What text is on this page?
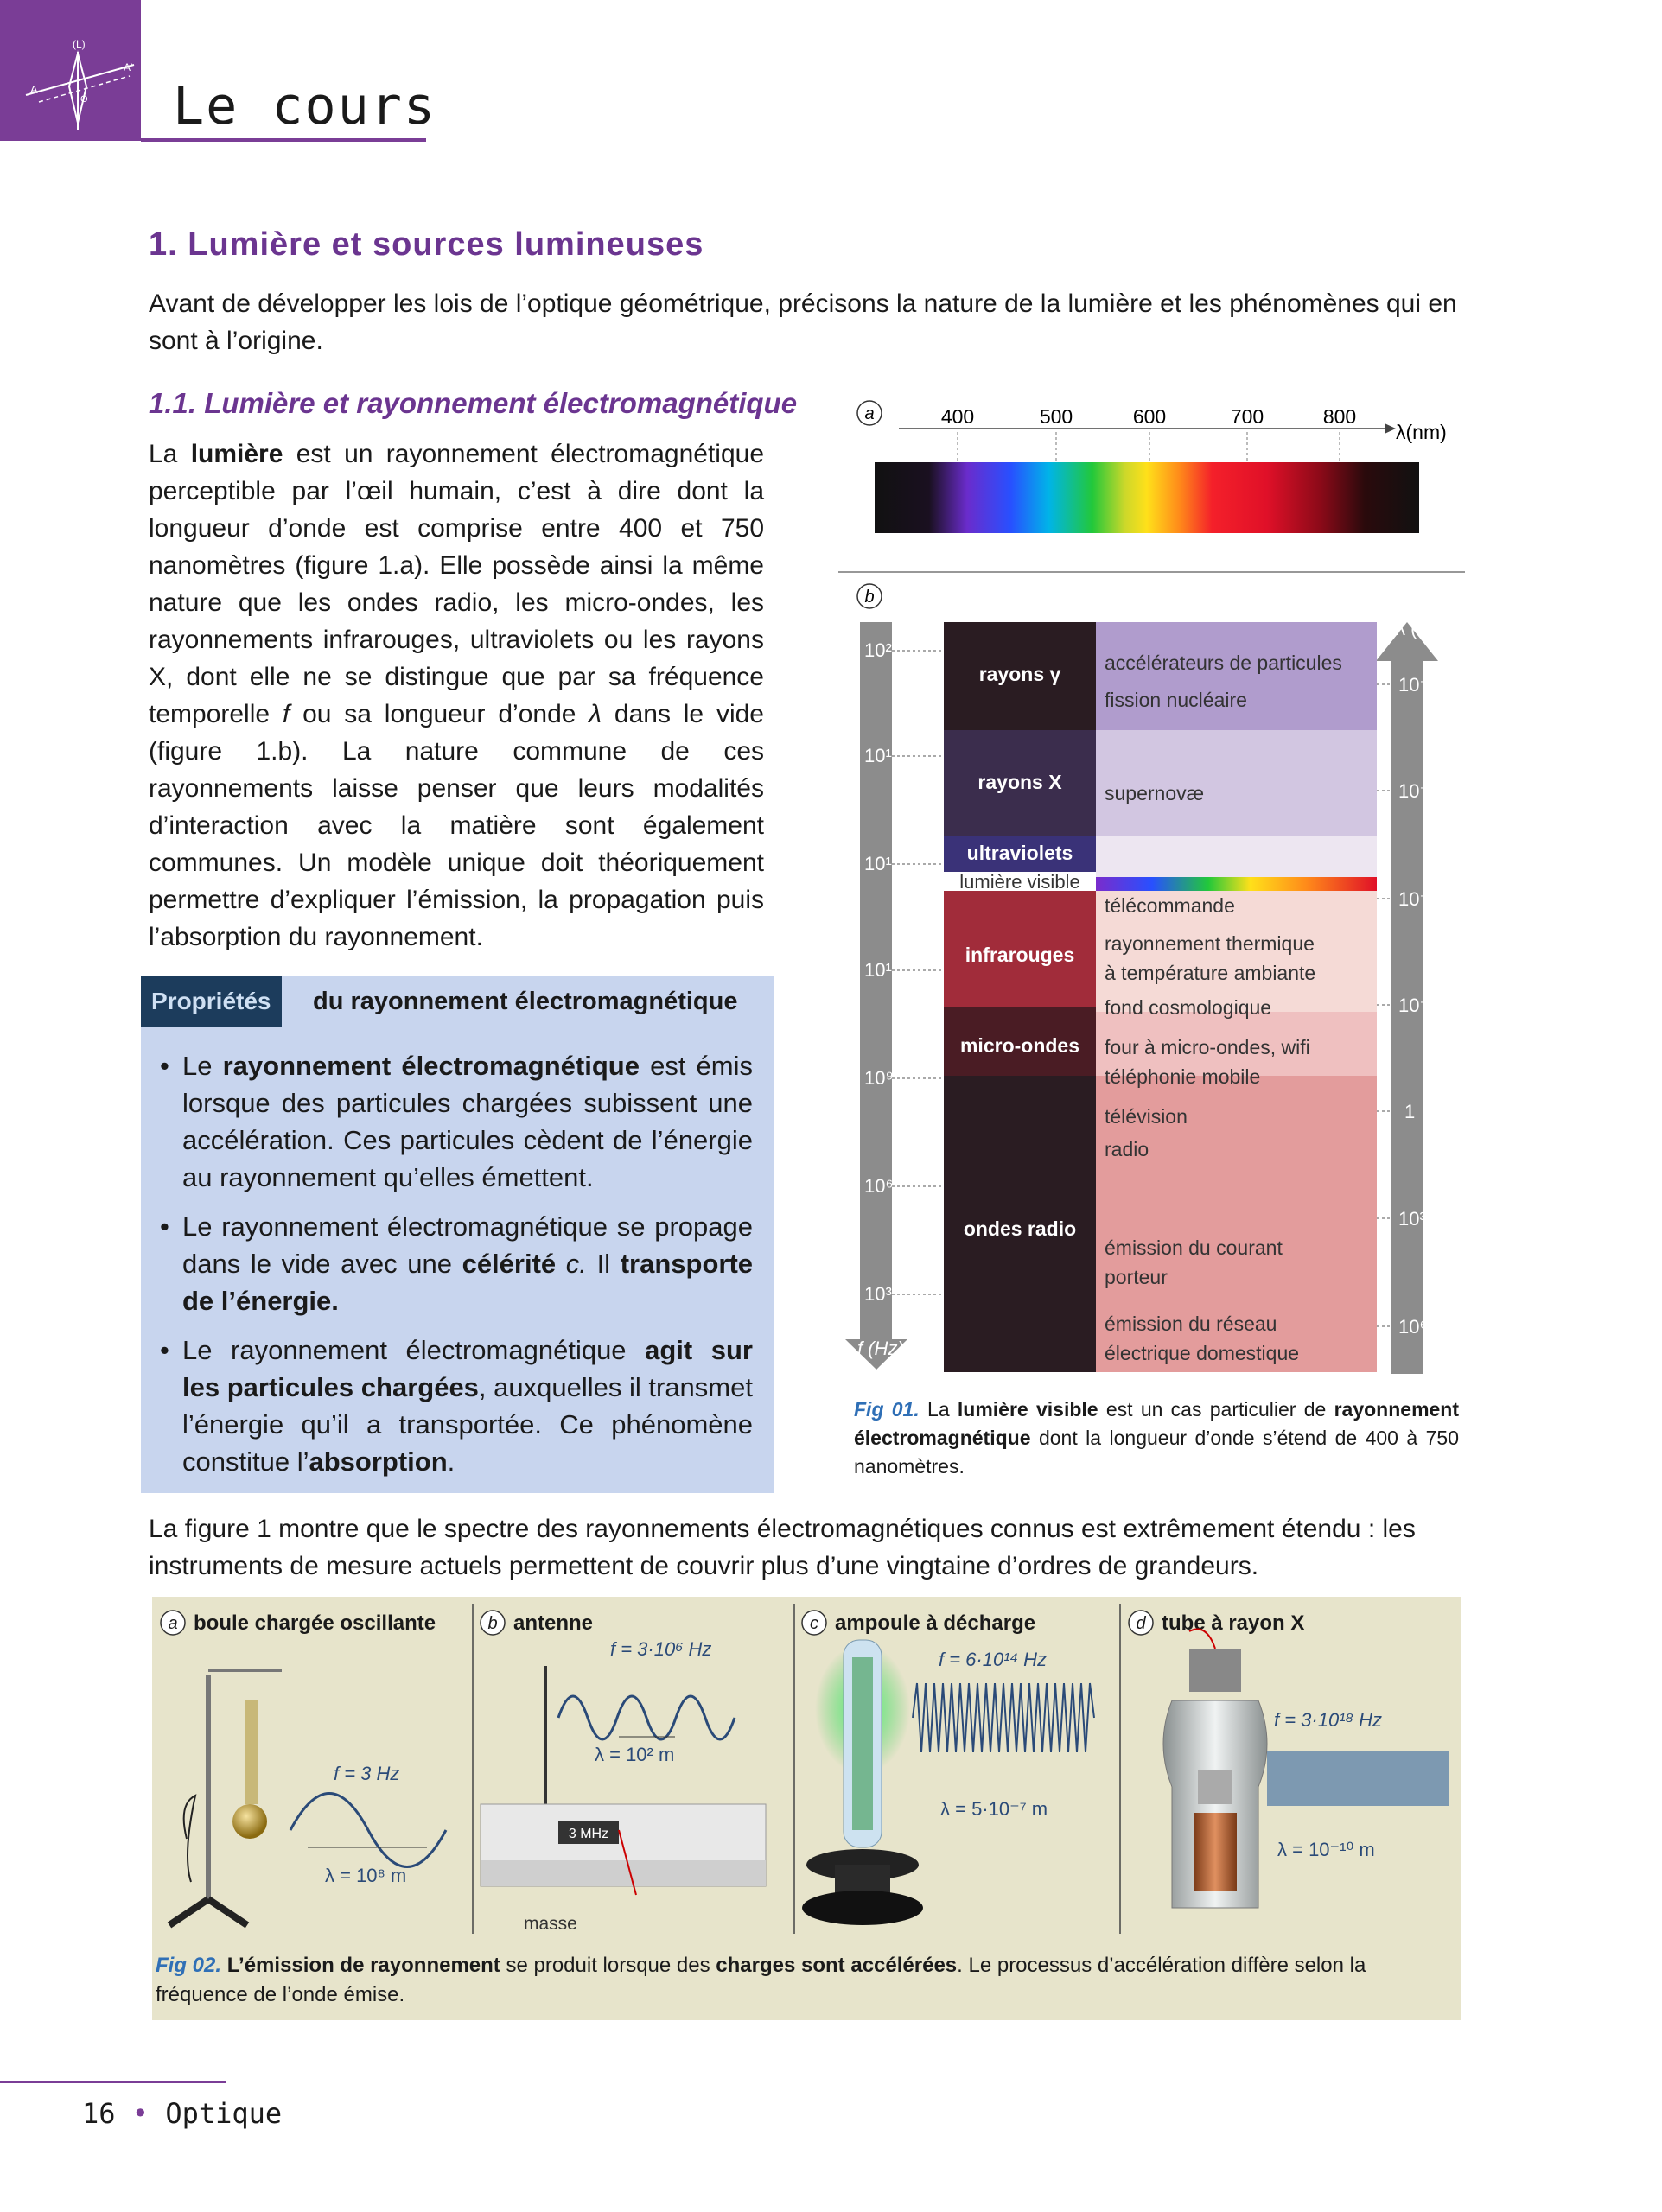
(L)
A
A'
O Le cours
1. Lumière et sources lumineuses
Avant de développer les lois de l’optique géométrique, précisons la nature de la lumière et les phénomènes qui en sont à l’origine.
1.1. Lumière et rayonnement électromagnétique
La lumière est un rayonnement électromagnétique perceptible par l’œil humain, c’est à dire dont la longueur d’onde est comprise entre 400 et 750 nanomètres (figure 1.a). Elle possède ainsi la même nature que les ondes radio, les micro-ondes, les rayonnements infrarouges, ultraviolets ou les rayons X, dont elle ne se distingue que par sa fréquence temporelle f ou sa longueur d’onde λ dans le vide (figure 1.b). La nature commune de ces rayonnements laisse penser que leurs modalités d’interaction avec la matière sont également communes. Un modèle unique doit théoriquement permettre d’expliquer l’émission, la propagation puis l’absorption du rayonnement.
Propriétés	du rayonnement électromagnétique
• Le rayonnement électromagnétique est émis lorsque des particules chargées subissent une accélération. Ces particules cèdent de l’énergie au rayonnement qu’elles émettent.
• Le rayonnement électromagnétique se propage dans le vide avec une célérité c. Il transporte de l’énergie.
• Le rayonnement électromagnétique agit sur les particules chargées, auxquelles il transmet l’énergie qu’il a transportée. Ce phénomène constitue l’absorption.
a	400	500	600	700	800
λ(nm)
b
10²¹
10¹⁸
10¹⁵
10¹²
10⁹
10⁶
10³
f (Hz)
λ (m)
10⁻¹²
10⁻⁹
10⁻⁶
10⁻³
1
10³
10⁶
rayons γ
rayons X
ultraviolets
lumière visible
infrarouges
micro-ondes
ondes radio
accélérateurs de particules
fission nucléaire
supernovæ
télécommande
rayonnement thermique
à température ambiante
fond cosmologique
four à micro-ondes, wifi
téléphonie mobile
télévision
radio
émission du courant
porteur
émission du réseau
électrique domestique
Fig 01. La lumière visible est un cas particulier de rayonnement électromagnétique dont la longueur d’onde s’étend de 400 à 750 nanomètres.
La figure 1 montre que le spectre des rayonnements électromagnétiques connus est extrêmement étendu : les instruments de mesure actuels permettent de couvrir plus d’une vingtaine d’ordres de grandeurs.
a boule chargée oscillante	b antenne	c ampoule à décharge	d tube à rayon X
f = 3 Hz
λ = 10⁸ m
3 MHz
f = 3·10⁶ Hz
λ = 10² m
masse
f = 6·10¹⁴ Hz
λ = 5·10⁻⁷ m
f = 3·10¹⁸ Hz
λ = 10⁻¹⁰ m
Fig 02. L’émission de rayonnement se produit lorsque des charges sont accélérées. Le processus d’accélération diffère selon la fréquence de l’onde émise.
16 • Optique
